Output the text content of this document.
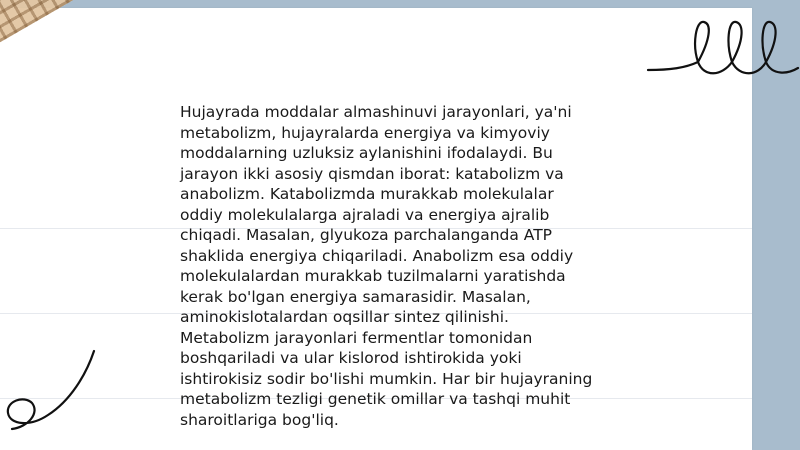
Hujayrada moddalar almashinuvi jarayonlari, ya'ni
metabolizm, hujayralarda energiya va kimyoviy
moddalarning uzluksiz aylanishini ifodalaydi. Bu
jarayon ikki asosiy qismdan iborat: katabolizm va
anabolizm. Katabolizmda murakkab molekulalar
oddiy molekulalarga ajraladi va energiya ajralib
chiqadi. Masalan, glyukoza parchalanganda ATP
shaklida energiya chiqariladi. Anabolizm esa oddiy
molekulalardan murakkab tuzilmalarni yaratishda
kerak bo'lgan energiya samarasidir. Masalan,
aminokislotalardan oqsillar sintez qilinishi.
Metabolizm jarayonlari fermentlar tomonidan
boshqariladi va ular kislorod ishtirokida yoki
ishtirokisiz sodir bo'lishi mumkin. Har bir hujayraning
metabolizm tezligi genetik omillar va tashqi muhit
sharoitlariga bog'liq.
